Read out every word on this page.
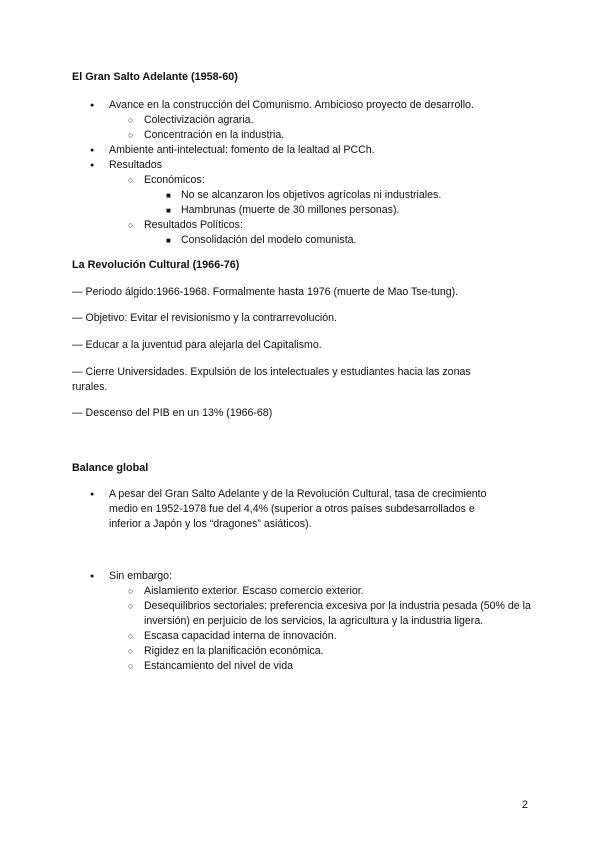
El Gran Salto Adelante (1958-60)
● Avance en la construcción del Comunismo. Ambicioso proyecto de desarrollo.
○ Colectivización agraria.
○ Concentración en la industria.
● Ambiente anti-intelectual: fomento de la lealtad al PCCh.
● Resultados
○ Económicos:
■ No se alcanzaron los objetivos agrícolas ni industriales.
■ Hambrunas (muerte de 30 millones personas).
○ Resultados Políticos:
■ Consolidación del modelo comunista.
La Revolución Cultural (1966-76)
— Periodo álgido:1966-1968. Formalmente hasta 1976 (muerte de Mao Tse-tung).
— Objetivo: Evitar el revisionismo y la contrarrevolución.
— Educar a la juventud para alejarla del Capitalismo.
— Cierre Universidades. Expulsión de los intelectuales y estudiantes hacia las zonas rurales.
— Descenso del PIB en un 13% (1966-68)
Balance global
● A pesar del Gran Salto Adelante y de la Revolución Cultural, tasa de crecimiento medio en 1952-1978 fue del 4,4% (superior a otros países subdesarrollados e inferior a Japón y los “dragones” asiáticos).
● Sin embargo:
○ Aislamiento exterior. Escaso comercio exterior.
○ Desequilibrios sectoriales: preferencia excesiva por la industria pesada (50% de la inversión) en perjuicio de los servicios, la agricultura y la industria ligera.
○ Escasa capacidad interna de innovación.
○ Rigidez en la planificación económica.
○ Estancamiento del nivel de vida
2
